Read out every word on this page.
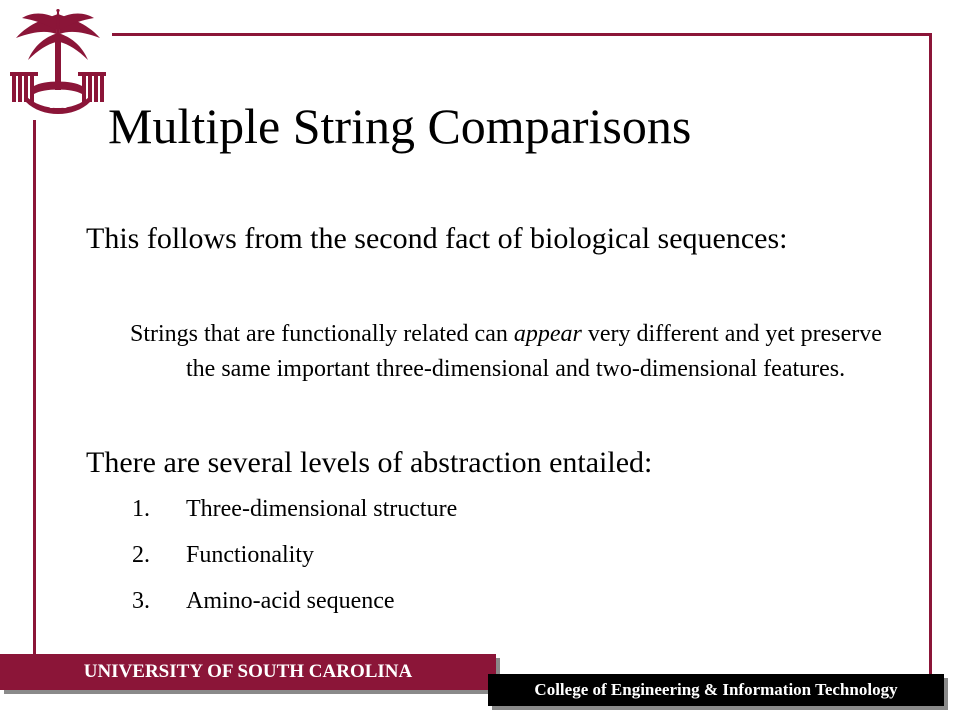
1801 Multiple String Comparisons
This follows from the second fact of biological sequences:
Strings that are functionally related can appear very different and yet preserve the same important three-dimensional and two-dimensional features.
There are several levels of abstraction entailed:
1. Three-dimensional structure
2. Functionality
3. Amino-acid sequence
UNIVERSITY OF SOUTH CAROLINA
College of Engineering & Information Technology
